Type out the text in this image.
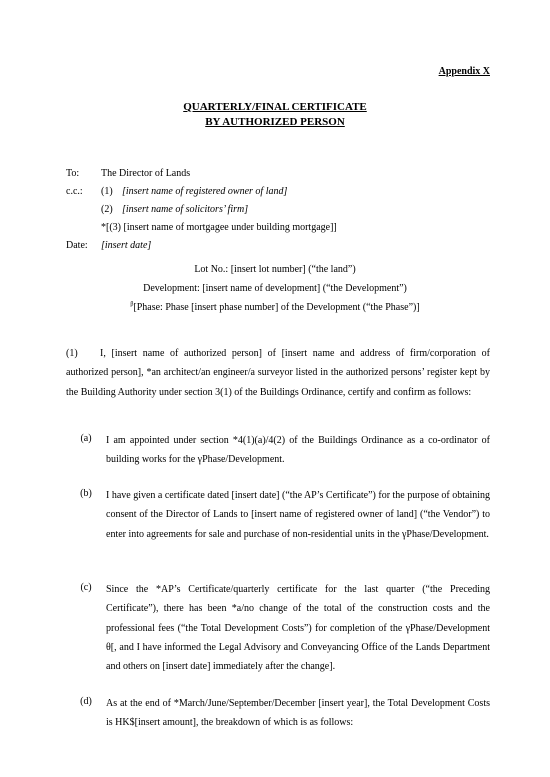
Appendix X
QUARTERLY/FINAL CERTIFICATE
BY AUTHORIZED PERSON
To:	The Director of Lands
c.c.:	(1) [insert name of registered owner of land]
(2) [insert name of solicitors’ firm]
*[(3) [insert name of mortgagee under building mortgage]]
Date:	[insert date]
Lot No.: [insert lot number] (“the land”)
Development: [insert name of development] (“the Development”)
$^\beta$[Phase: Phase [insert phase number] of the Development (“the Phase”)]
(1) I, [insert name of authorized person] of [insert name and address of firm/corporation of authorized person], *an architect/an engineer/a surveyor listed in the authorized persons’ register kept by the Building Authority under section 3(1) of the Buildings Ordinance, certify and confirm as follows:
(a)	I am appointed under section *4(1)(a)/4(2) of the Buildings Ordinance as a co-ordinator of building works for the γPhase/Development.
(b)	I have given a certificate dated [insert date] (“the AP’s Certificate”) for the purpose of obtaining consent of the Director of Lands to [insert name of registered owner of land] (“the Vendor”) to enter into agreements for sale and purchase of non-residential units in the γPhase/Development.
(c)	Since the *AP’s Certificate/quarterly certificate for the last quarter (“the Preceding Certificate”), there has been *a/no change of the total of the construction costs and the professional fees (“the Total Development Costs”) for completion of the γPhase/Development θ[, and I have informed the Legal Advisory and Conveyancing Office of the Lands Department and others on [insert date] immediately after the change].
(d)	As at the end of *March/June/September/December [insert year], the Total Development Costs is HK$[insert amount], the breakdown of which is as follows:
